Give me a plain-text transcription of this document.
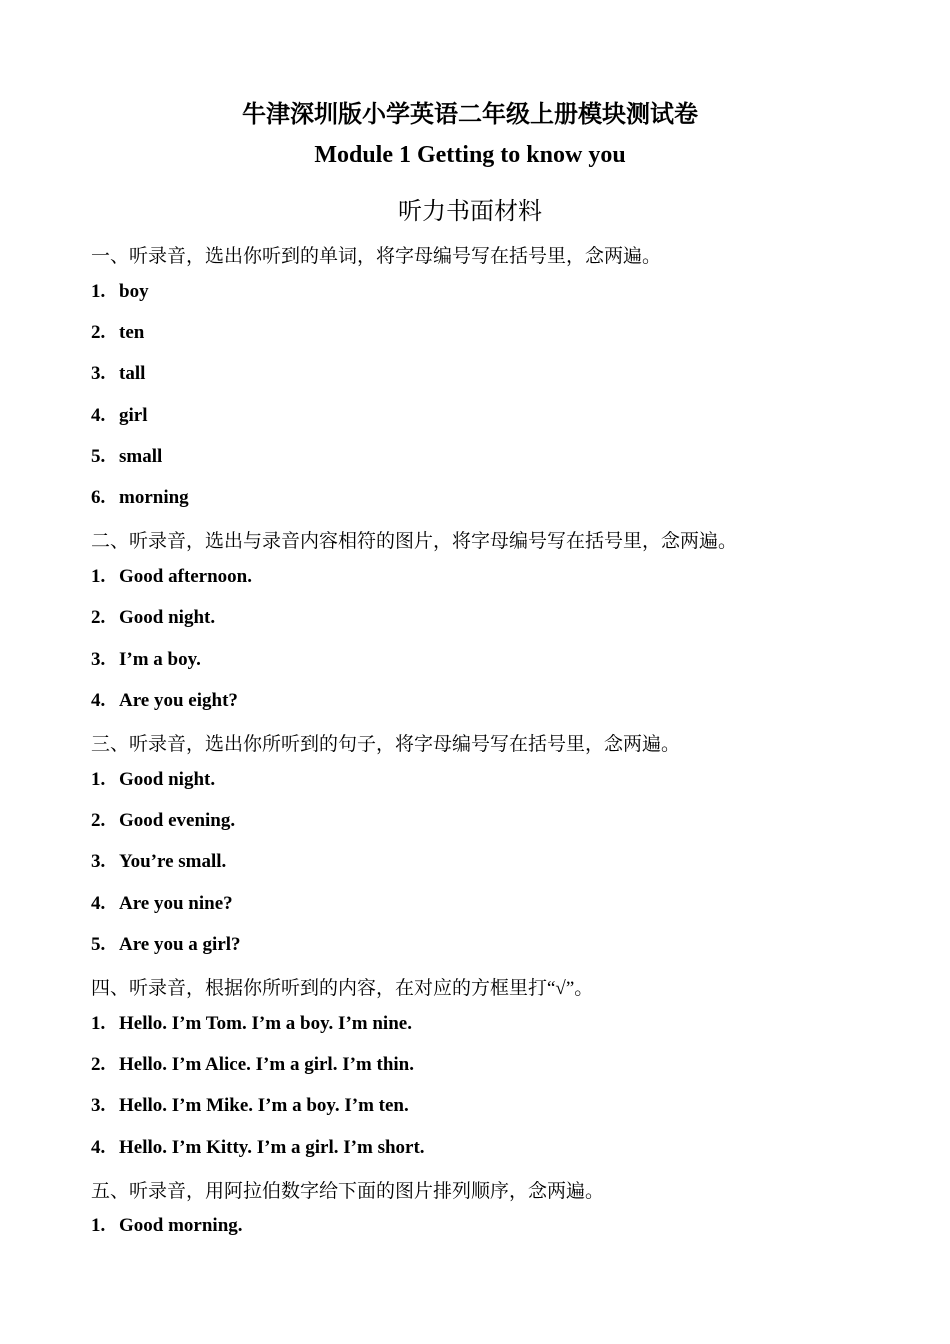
牛津深圳版小学英语二年级上册模块测试卷
Module 1 Getting to know you
听力书面材料
一、听录音，选出你听到的单词，将字母编号写在括号里，念两遍。
1. boy
2. ten
3. tall
4. girl
5. small
6. morning
二、听录音，选出与录音内容相符的图片，将字母编号写在括号里，念两遍。
1. Good afternoon.
2. Good night.
3. I’m a boy.
4. Are you eight?
三、听录音，选出你所听到的句子，将字母编号写在括号里，念两遍。
1. Good night.
2. Good evening.
3. You’re small.
4. Are you nine?
5. Are you a girl?
四、听录音，根据你所听到的内容，在对应的方框里打“√”。
1. Hello. I’m Tom. I’m a boy. I’m nine.
2. Hello. I’m Alice. I’m a girl. I’m thin.
3. Hello. I’m Mike. I’m a boy. I’m ten.
4. Hello. I’m Kitty. I’m a girl. I’m short.
五、听录音，用阿拉伯数字给下面的图片排列顺序，念两遍。
1. Good morning.
